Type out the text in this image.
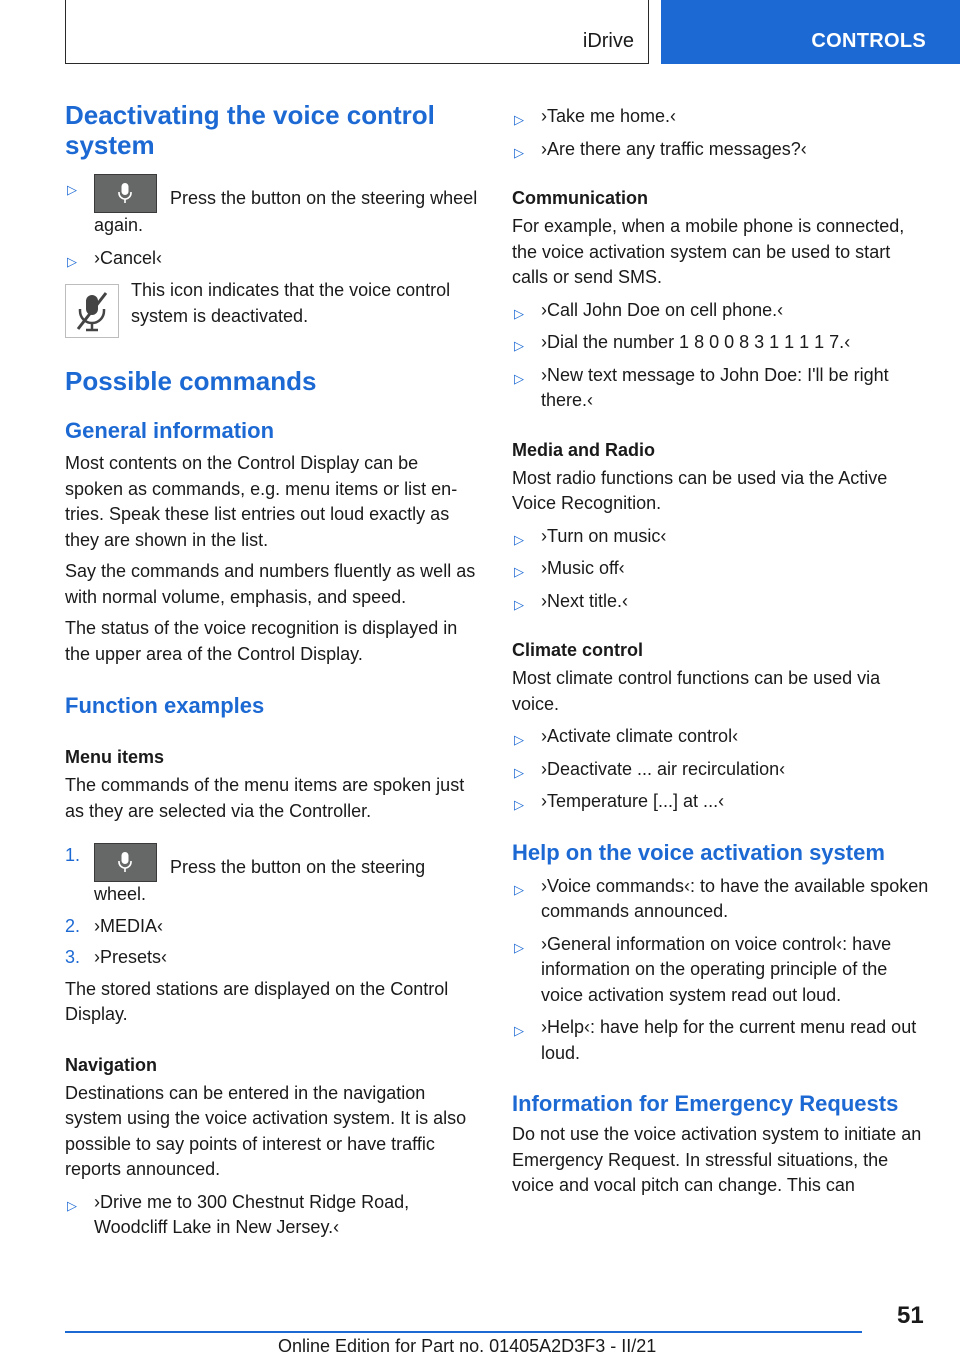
iDrive	CONTROLS
Deactivating the voice control system
▷	Press the button on the steering wheel again.
▷ ›Cancel‹

This icon indicates that the voice control system is deactivated.

Possible commands
General information

Most contents on the Control Display can be spoken as commands, e.g. menu items or list entries. Speak these list entries out loud exactly as they are shown in the list.

Say the commands and numbers fluently as well as with normal volume, emphasis, and speed.

The status of the voice recognition is displayed in the upper area of the Control Display.

Function examples
Menu items

The commands of the menu items are spoken just as they are selected via the Controller.

1.
Press the button on the steering wheel.
2. ›MEDIA‹
3. ›Presets‹

The stored stations are displayed on the Control Display.

Navigation

Destinations can be entered in the navigation system using the voice activation system. It is also possible to say points of interest or have traffic reports announced.

▷ ›Drive me to 300 Chestnut Ridge Road, Woodcliff Lake in New Jersey.‹
▷ ›Take me home.‹
▷ ›Are there any traffic messages?‹
Communication

For example, when a mobile phone is connected, the voice activation system can be used to start calls or send SMS.

▷ ›Call John Doe on cell phone.‹
▷ ›Dial the number 1 8 0 0 8 3 1 1 1 1 7.‹
▷ ›New text message to John Doe: I'll be right there.‹
Media and Radio

Most radio functions can be used via the Active Voice Recognition.

▷ ›Turn on music‹
▷ ›Music off‹
▷ ›Next title.‹
Climate control

Most climate control functions can be used via voice.

▷ ›Activate climate control‹
▷ ›Deactivate ... air recirculation‹
▷ ›Temperature [...] at ...‹
Help on the voice activation system
▷ ›Voice commands‹: to have the available spoken commands announced.
▷ ›General information on voice control‹: have information on the operating principle of the voice activation system read out loud.
▷ ›Help‹: have help for the current menu read out loud.
Information for Emergency Requests

Do not use the voice activation system to initiate an Emergency Request. In stressful situations, the voice and vocal pitch can change. This can

51
Online Edition for Part no. 01405A2D3F3 - II/21
